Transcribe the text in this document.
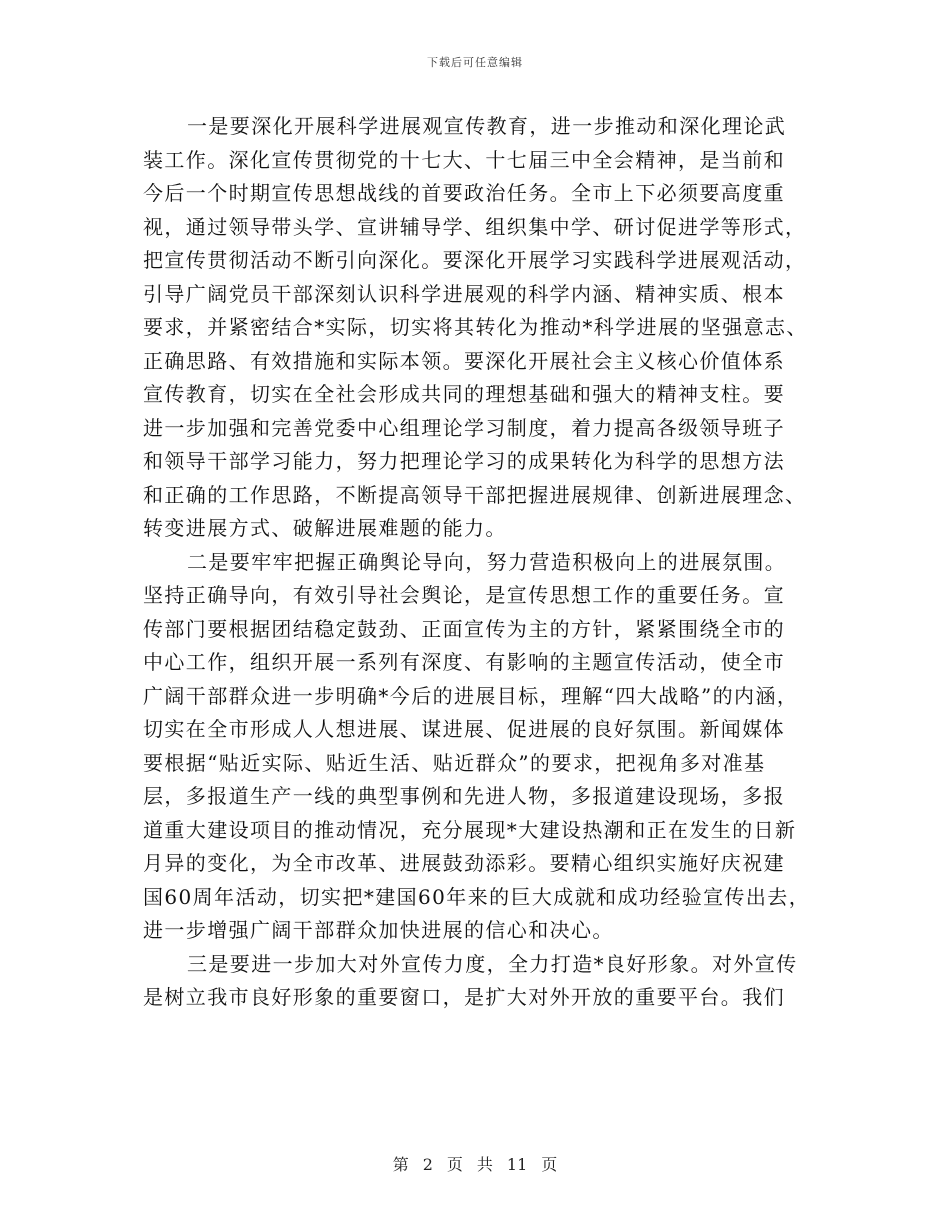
下载后可任意编辑
一是要深化开展科学进展观宣传教育，进一步推动和深化理论武
装工作。深化宣传贯彻党的十七大、十七届三中全会精神，是当前和
今后一个时期宣传思想战线的首要政治任务。全市上下必须要高度重
视，通过领导带头学、宣讲辅导学、组织集中学、研讨促进学等形式，
把宣传贯彻活动不断引向深化。要深化开展学习实践科学进展观活动，
引导广阔党员干部深刻认识科学进展观的科学内涵、精神实质、根本
要求，并紧密结合*实际，切实将其转化为推动*科学进展的坚强意志、
正确思路、有效措施和实际本领。要深化开展社会主义核心价值体系
宣传教育，切实在全社会形成共同的理想基础和强大的精神支柱。要
进一步加强和完善党委中心组理论学习制度，着力提高各级领导班子
和领导干部学习能力，努力把理论学习的成果转化为科学的思想方法
和正确的工作思路，不断提高领导干部把握进展规律、创新进展理念、
转变进展方式、破解进展难题的能力。
二是要牢牢把握正确舆论导向，努力营造积极向上的进展氛围。
坚持正确导向，有效引导社会舆论，是宣传思想工作的重要任务。宣
传部门要根据团结稳定鼓劲、正面宣传为主的方针，紧紧围绕全市的
中心工作，组织开展一系列有深度、有影响的主题宣传活动，使全市
广阔干部群众进一步明确*今后的进展目标，理解“四大战略”的内涵，
切实在全市形成人人想进展、谋进展、促进展的良好氛围。新闻媒体
要根据“贴近实际、贴近生活、贴近群众”的要求，把视角多对准基
层，多报道生产一线的典型事例和先进人物，多报道建设现场，多报
道重大建设项目的推动情况，充分展现*大建设热潮和正在发生的日新
月异的变化，为全市改革、进展鼓劲添彩。要精心组织实施好庆祝建
国60周年活动，切实把*建国60年来的巨大成就和成功经验宣传出去，
进一步增强广阔干部群众加快进展的信心和决心。
三是要进一步加大对外宣传力度，全力打造*良好形象。对外宣传
是树立我市良好形象的重要窗口，是扩大对外开放的重要平台。我们
第 2 页 共 11 页
